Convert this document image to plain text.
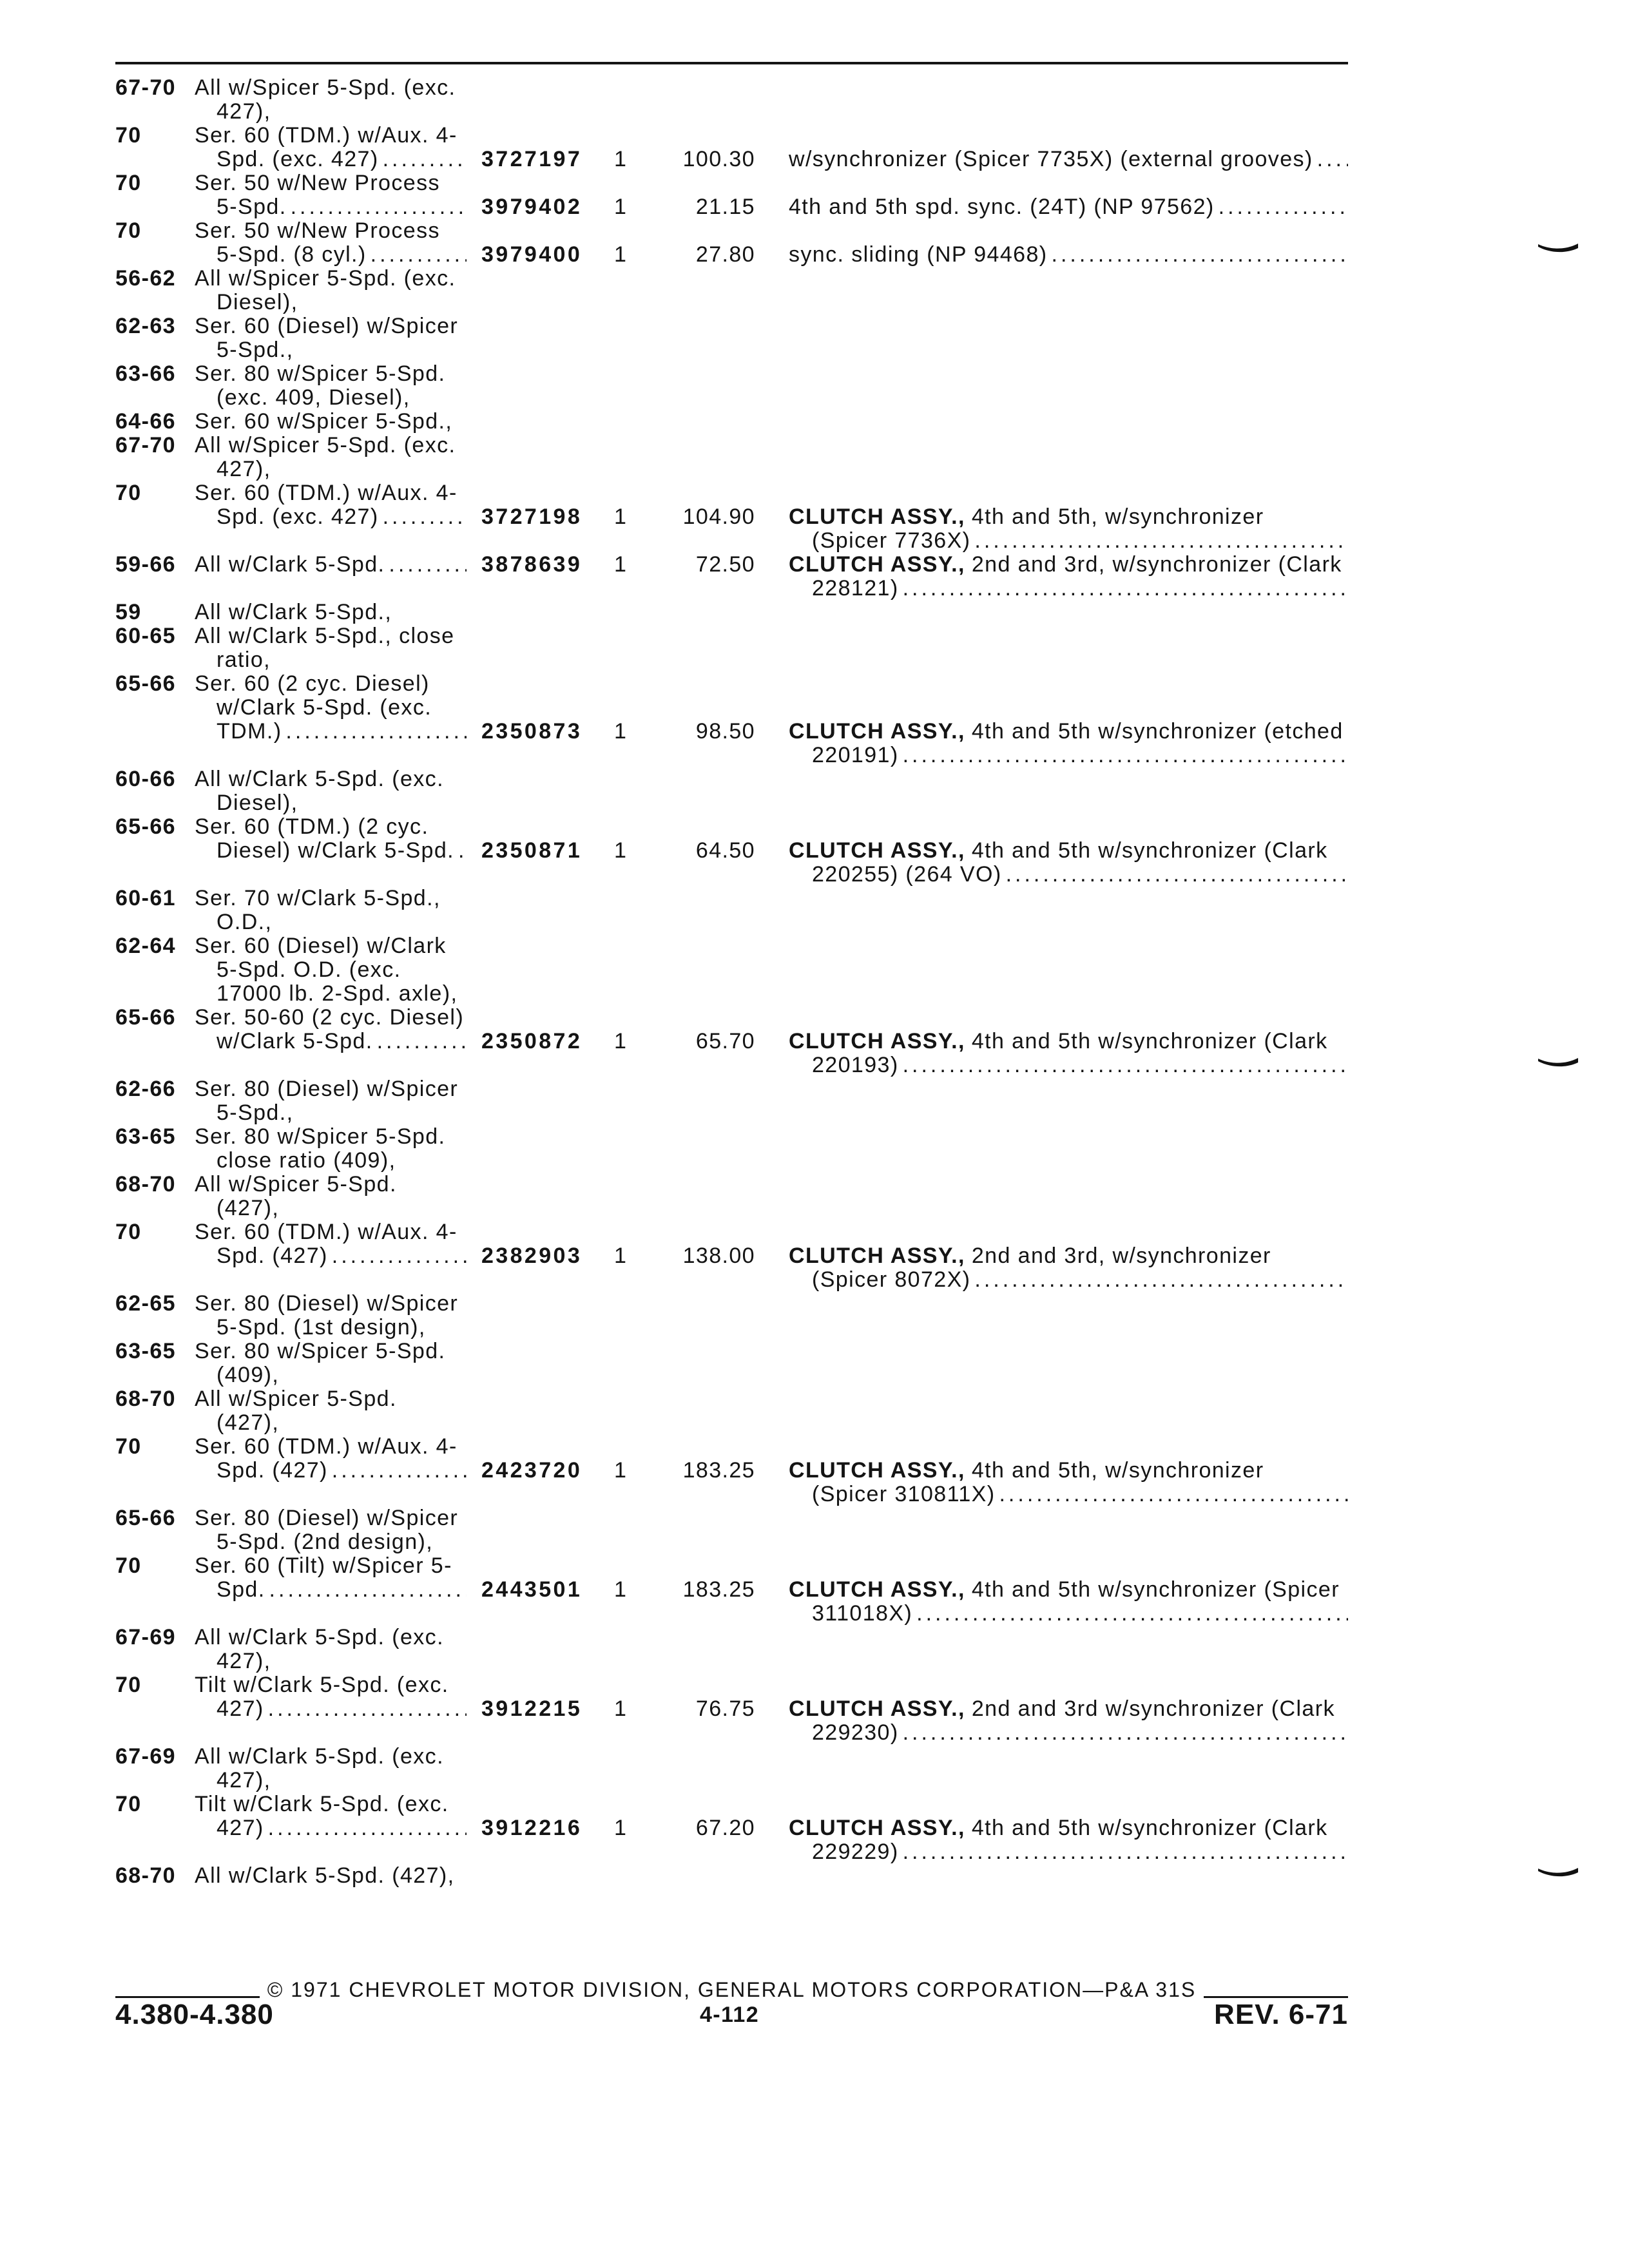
67-70 All w/Spicer 5-Spd. (exc.
427),
70 Ser. 60 (TDM.) w/Aux. 4-
Spd. (exc. 427) .....	3727197 1	100.30 w/synchronizer (Spicer 7735X) (external grooves)
.....
70 Ser. 50 w/New Process
5-Spd. .....	3979402 1	21.15 4th and 5th spd. sync. (24T) (NP 97562)
.....
70 Ser. 50 w/New Process
5-Spd. (8 cyl.) .....	3979400 1	27.80 sync. sliding (NP 94468)
.....
56-62 All w/Spicer 5-Spd. (exc.
Diesel),
62-63 Ser. 60 (Diesel) w/Spicer
5-Spd.,
63-66 Ser. 80 w/Spicer 5-Spd.
(exc. 409, Diesel),
64-66 Ser. 60 w/Spicer 5-Spd.,
67-70 All w/Spicer 5-Spd. (exc.
427),
70 Ser. 60 (TDM.) w/Aux. 4-
Spd. (exc. 427) .....	3727198 1	104.90 CLUTCH ASSY., 4th and 5th, w/synchronizer
(Spicer 7736X)
.....
59-66 All w/Clark 5-Spd. .....	3878639 1	72.50 CLUTCH ASSY., 2nd and 3rd, w/synchronizer (Clark
228121)
.....
59 All w/Clark 5-Spd.,
60-65 All w/Clark 5-Spd., close
ratio,
65-66 Ser. 60 (2 cyc. Diesel)
w/Clark 5-Spd. (exc.
TDM.) .....	2350873 1	98.50 CLUTCH ASSY., 4th and 5th w/synchronizer (etched
220191)
.....
60-66 All w/Clark 5-Spd. (exc.
Diesel),
65-66 Ser. 60 (TDM.) (2 cyc.
Diesel) w/Clark 5-Spd. ..... 2350871 1	64.50 CLUTCH ASSY., 4th and 5th w/synchronizer (Clark
220255) (264 VO)
.....
60-61 Ser. 70 w/Clark 5-Spd.,
O.D.,
62-64 Ser. 60 (Diesel) w/Clark
5-Spd. O.D. (exc.
17000 lb. 2-Spd. axle),
65-66 Ser. 50-60 (2 cyc. Diesel)
w/Clark 5-Spd. .....	2350872 1	65.70 CLUTCH ASSY., 4th and 5th w/synchronizer (Clark
220193)
.....
62-66 Ser. 80 (Diesel) w/Spicer
5-Spd.,
63-65 Ser. 80 w/Spicer 5-Spd.
close ratio (409),
68-70 All w/Spicer 5-Spd.
(427),
70 Ser. 60 (TDM.) w/Aux. 4-
Spd. (427) .....	2382903 1	138.00 CLUTCH ASSY., 2nd and 3rd, w/synchronizer
(Spicer 8072X)
.....
62-65 Ser. 80 (Diesel) w/Spicer
5-Spd. (1st design),
63-65 Ser. 80 w/Spicer 5-Spd.
(409),
68-70 All w/Spicer 5-Spd.
(427),
70 Ser. 60 (TDM.) w/Aux. 4-
Spd. (427) .....	2423720 1	183.25 CLUTCH ASSY., 4th and 5th, w/synchronizer
(Spicer 310811X)
.....
65-66 Ser. 80 (Diesel) w/Spicer
5-Spd. (2nd design),
70 Ser. 60 (Tilt) w/Spicer 5-
Spd. .....	2443501 1	183.25 CLUTCH ASSY., 4th and 5th w/synchronizer (Spicer
311018X)
.....
67-69 All w/Clark 5-Spd. (exc.
427),
70 Tilt w/Clark 5-Spd. (exc.
427) .....	3912215 1	76.75 CLUTCH ASSY., 2nd and 3rd w/synchronizer (Clark
229230)
.....
67-69 All w/Clark 5-Spd. (exc.
427),
70 Tilt w/Clark 5-Spd. (exc.
427) .....	3912216 1	67.20 CLUTCH ASSY., 4th and 5th w/synchronizer (Clark
229229)
.....
68-70 All w/Clark 5-Spd. (427),
© 1971 CHEVROLET MOTOR DIVISION, GENERAL MOTORS CORPORATION—P&A 31S
4.380-4.380	4-112	REV. 6-71
